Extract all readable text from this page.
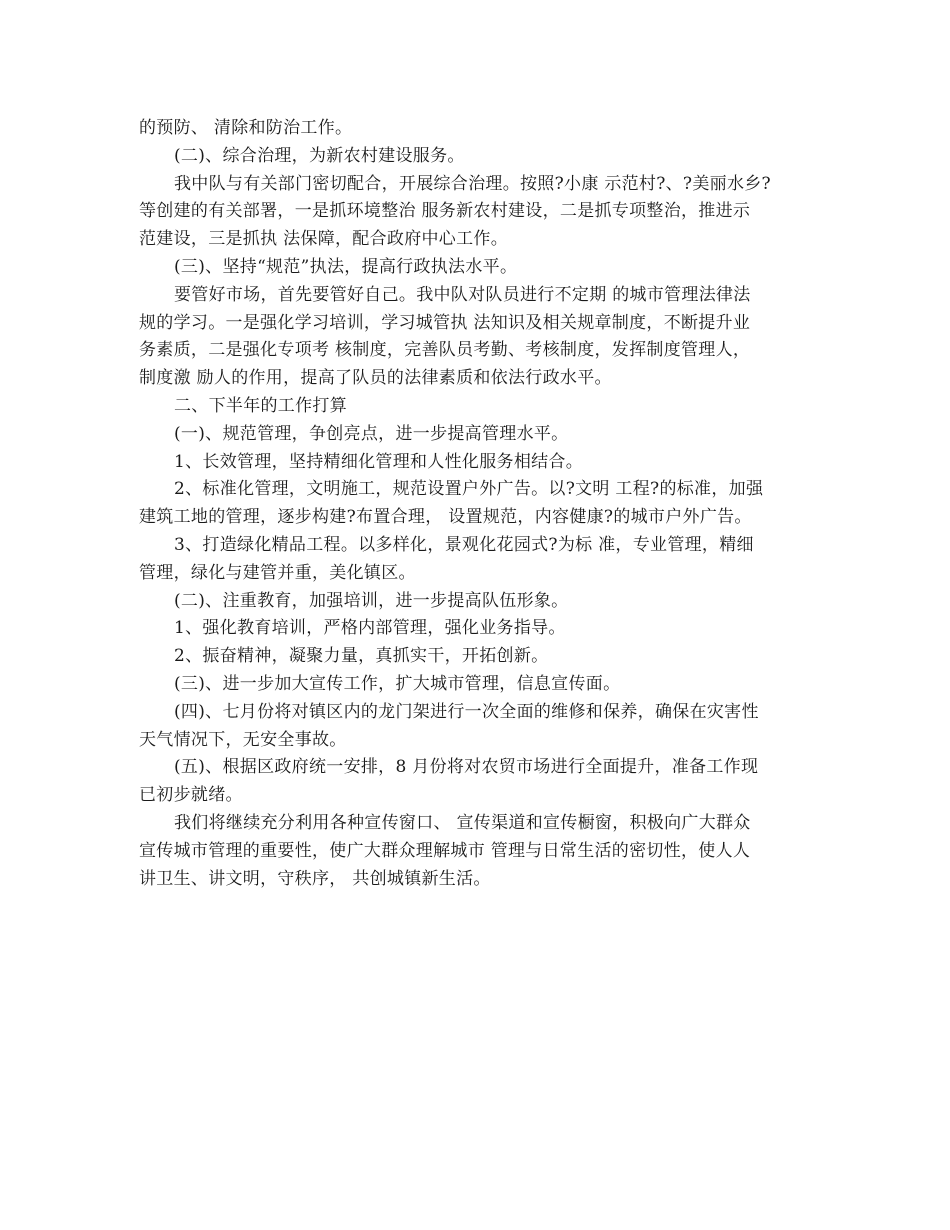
的预防、 清除和防治工作。
(二)、综合治理，为新农村建设服务。
我中队与有关部门密切配合，开展综合治理。按照?小康 示范村?、?美丽水乡?
等创建的有关部署，一是抓环境整治 服务新农村建设，二是抓专项整治，推进示
范建设，三是抓执 法保障，配合政府中心工作。
(三)、坚持“规范”执法，提高行政执法水平。
要管好市场，首先要管好自己。我中队对队员进行不定期 的城市管理法律法
规的学习。一是强化学习培训，学习城管执 法知识及相关规章制度，不断提升业
务素质，二是强化专项考 核制度，完善队员考勤、考核制度，发挥制度管理人，
制度激 励人的作用，提高了队员的法律素质和依法行政水平。
二、下半年的工作打算
(一)、规范管理，争创亮点，进一步提高管理水平。
1、长效管理，坚持精细化管理和人性化服务相结合。
2、标准化管理，文明施工，规范设置户外广告。以?文明 工程?的标准，加强
建筑工地的管理，逐步构建?布置合理， 设置规范，内容健康?的城市户外广告。
3、打造绿化精品工程。以多样化，景观化花园式?为标 准，专业管理，精细
管理，绿化与建管并重，美化镇区。
(二)、注重教育，加强培训，进一步提高队伍形象。
1、强化教育培训，严格内部管理，强化业务指导。
2、振奋精神，凝聚力量，真抓实干，开拓创新。
(三)、进一步加大宣传工作，扩大城市管理，信息宣传面。
(四)、七月份将对镇区内的龙门架进行一次全面的维修和保养，确保在灾害性
天气情况下，无安全事故。
(五)、根据区政府统一安排，8 月份将对农贸市场进行全面提升，准备工作现
已初步就绪。
我们将继续充分利用各种宣传窗口、 宣传渠道和宣传橱窗，积极向广大群众
宣传城市管理的重要性，使广大群众理解城市 管理与日常生活的密切性，使人人
讲卫生、讲文明，守秩序， 共创城镇新生活。
